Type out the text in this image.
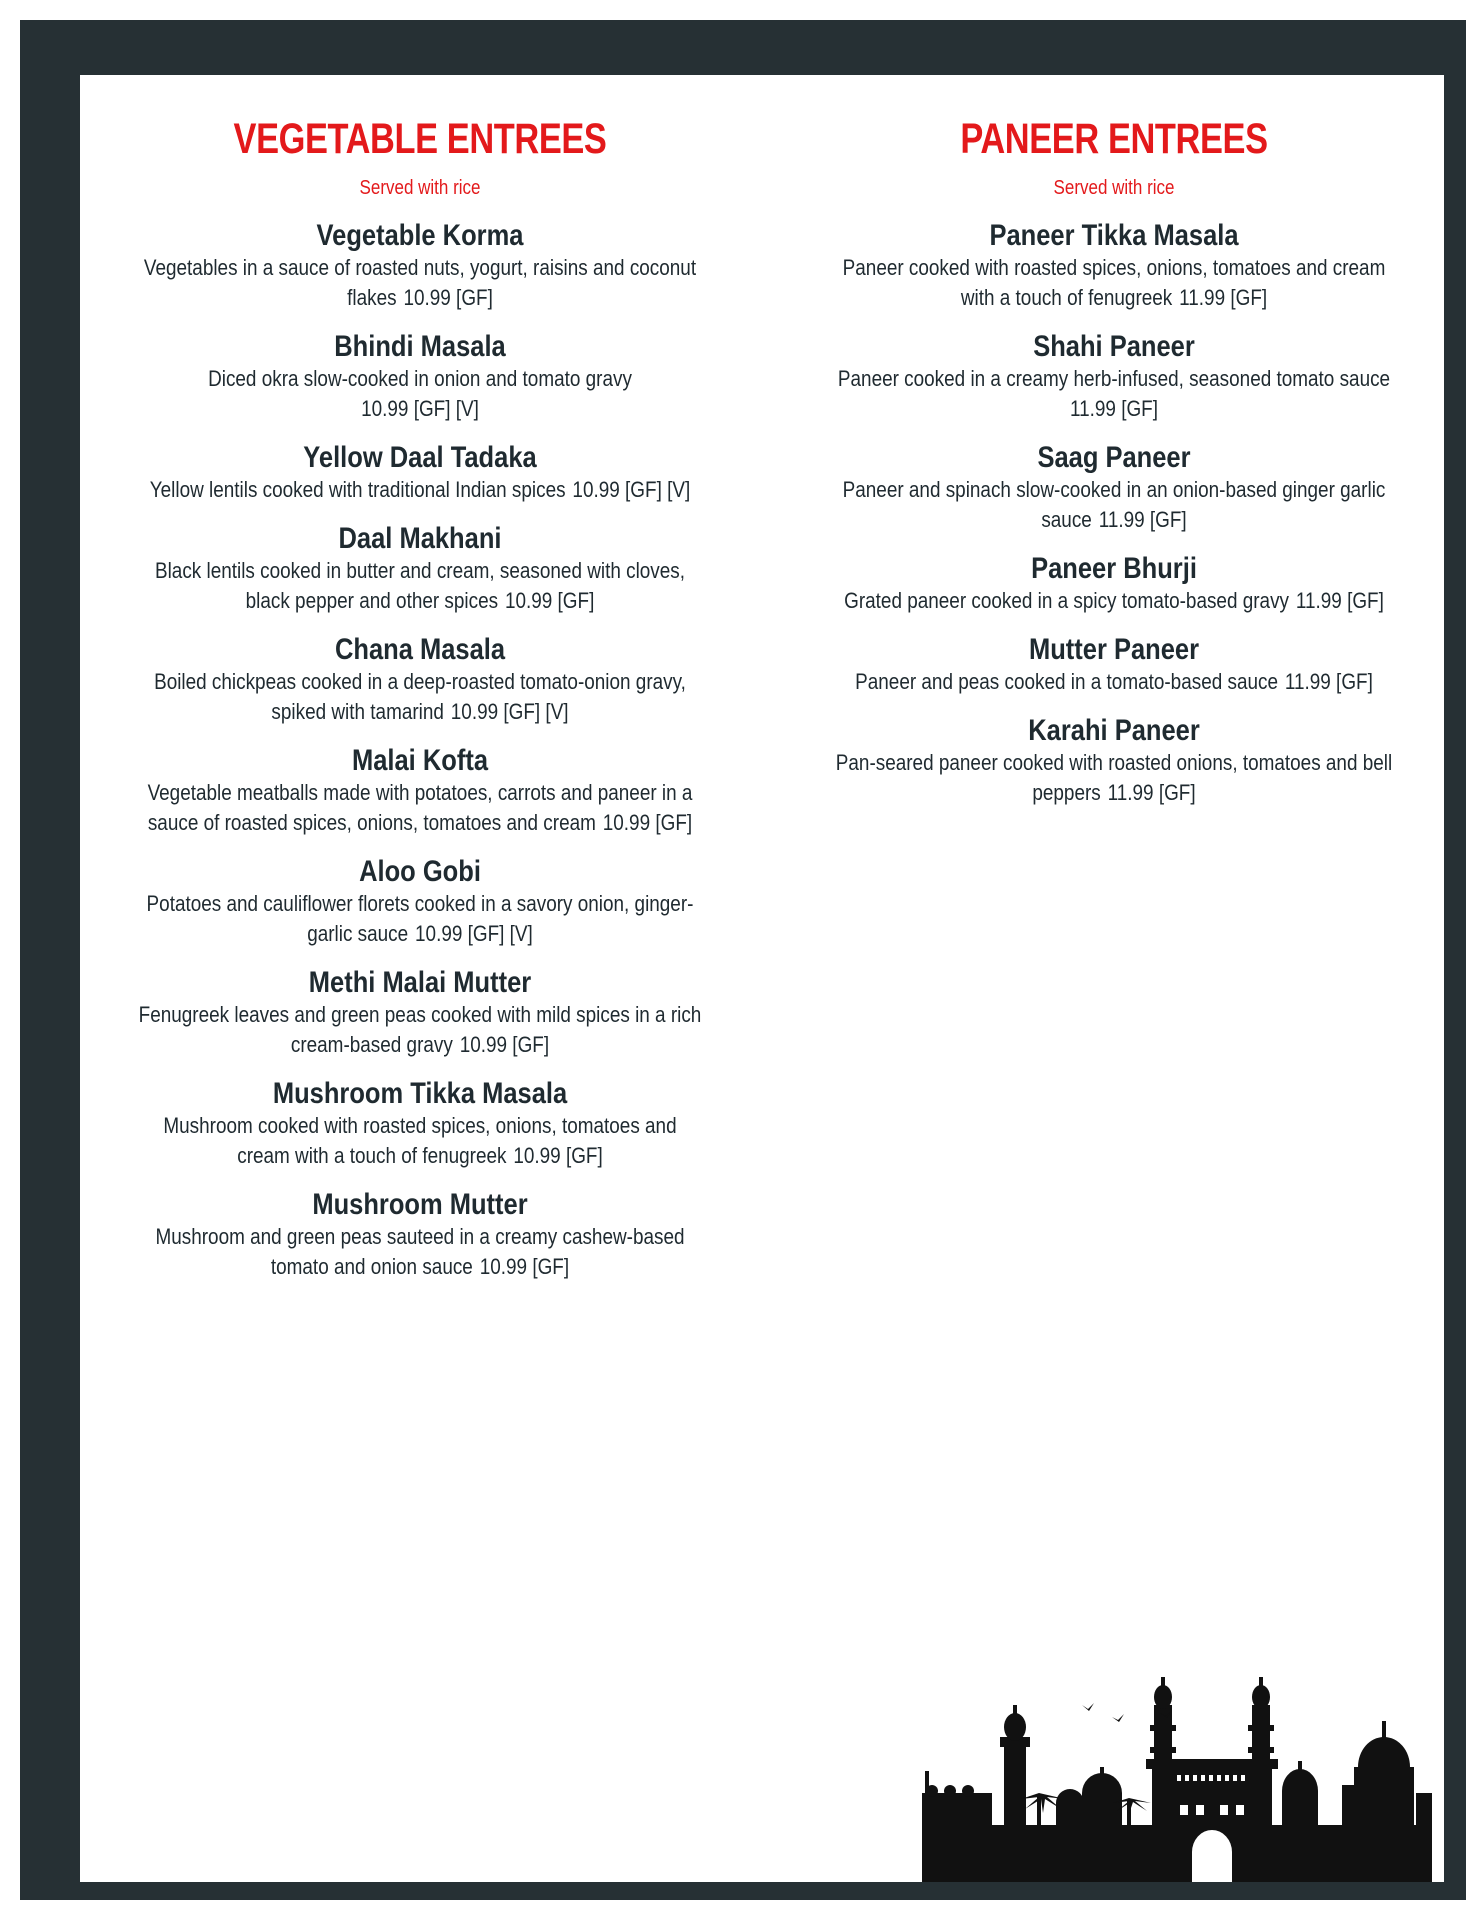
VEGETABLE ENTREES
Served with rice
Vegetable Korma
Vegetables in a sauce of roasted nuts, yogurt, raisins and coconut flakes 10.99 [GF]
Bhindi Masala
Diced okra slow-cooked in onion and tomato gravy
10.99 [GF] [V]
Yellow Daal Tadaka
Yellow lentils cooked with traditional Indian spices 10.99 [GF] [V]
Daal Makhani
Black lentils cooked in butter and cream, seasoned with cloves, black pepper and other spices 10.99 [GF]
Chana Masala
Boiled chickpeas cooked in a deep-roasted tomato-onion gravy, spiked with tamarind 10.99 [GF] [V]
Malai Kofta
Vegetable meatballs made with potatoes, carrots and paneer in a sauce of roasted spices, onions, tomatoes and cream 10.99 [GF]
Aloo Gobi
Potatoes and cauliflower florets cooked in a savory onion, ginger-garlic sauce 10.99 [GF] [V]
Methi Malai Mutter
Fenugreek leaves and green peas cooked with mild spices in a rich cream-based gravy 10.99 [GF]
Mushroom Tikka Masala
Mushroom cooked with roasted spices, onions, tomatoes and cream with a touch of fenugreek 10.99 [GF]
Mushroom Mutter
Mushroom and green peas sauteed in a creamy cashew-based tomato and onion sauce 10.99 [GF]
PANEER ENTREES
Served with rice
Paneer Tikka Masala
Paneer cooked with roasted spices, onions, tomatoes and cream with a touch of fenugreek 11.99 [GF]
Shahi Paneer
Paneer cooked in a creamy herb-infused, seasoned tomato sauce
11.99 [GF]
Saag Paneer
Paneer and spinach slow-cooked in an onion-based ginger garlic sauce 11.99 [GF]
Paneer Bhurji
Grated paneer cooked in a spicy tomato-based gravy 11.99 [GF]
Mutter Paneer
Paneer and peas cooked in a tomato-based sauce 11.99 [GF]
Karahi Paneer
Pan-seared paneer cooked with roasted onions, tomatoes and bell peppers 11.99 [GF]
